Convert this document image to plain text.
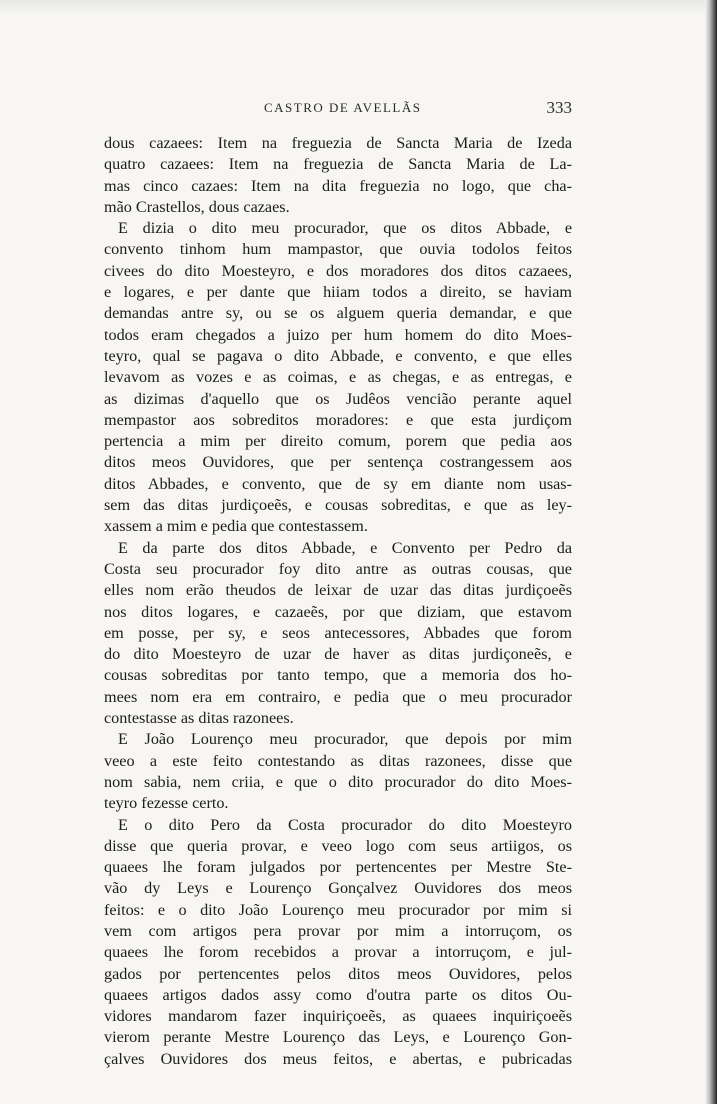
CASTRO DE AVELLÃS	333
dous cazaees: Item na freguezia de Sancta Maria de Izeda
quatro cazaees: Item na freguezia de Sancta Maria de La-
mas cinco cazaes: Item na dita freguezia no logo, que cha-
mão Crastellos, dous cazaes.
E dizia o dito meu procurador, que os ditos Abbade, e
convento tinhom hum mampastor, que ouvia todolos feitos
civees do dito Moesteyro, e dos moradores dos ditos cazaees,
e logares, e per dante que hiiam todos a direito, se haviam
demandas antre sy, ou se os alguem queria demandar, e que
todos eram chegados a juizo per hum homem do dito Moes-
teyro, qual se pagava o dito Abbade, e convento, e que elles
levavom as vozes e as coimas, e as chegas, e as entregas, e
as dizimas d'aquello que os Judêos vencião perante aquel
mempastor aos sobreditos moradores: e que esta jurdiçom
pertencia a mim per direito comum, porem que pedia aos
ditos meos Ouvidores, que per sentença costrangessem aos
ditos Abbades, e convento, que de sy em diante nom usas-
sem das ditas jurdiçoeẽs, e cousas sobreditas, e que as ley-
xassem a mim e pedia que contestassem.
E da parte dos ditos Abbade, e Convento per Pedro da
Costa seu procurador foy dito antre as outras cousas, que
elles nom erão theudos de leixar de uzar das ditas jurdiçoeẽs
nos ditos logares, e cazaeẽs, por que diziam, que estavom
em posse, per sy, e seos antecessores, Abbades que forom
do dito Moesteyro de uzar de haver as ditas jurdiçoneẽs, e
cousas sobreditas por tanto tempo, que a memoria dos ho-
mees nom era em contrairo, e pedia que o meu procurador
contestasse as ditas razonees.
E João Lourenço meu procurador, que depois por mim
veeo a este feito contestando as ditas razonees, disse que
nom sabia, nem criia, e que o dito procurador do dito Moes-
teyro fezesse certo.
E o dito Pero da Costa procurador do dito Moesteyro
disse que queria provar, e veeo logo com seus artiigos, os
quaees lhe foram julgados por pertencentes per Mestre Ste-
vão dy Leys e Lourenço Gonçalvez Ouvidores dos meos
feitos: e o dito João Lourenço meu procurador por mim si
vem com artigos pera provar por mim a intorruçom, os
quaees lhe forom recebidos a provar a intorruçom, e jul-
gados por pertencentes pelos ditos meos Ouvidores, pelos
quaees artigos dados assy como d'outra parte os ditos Ou-
vidores mandarom fazer inquiriçoeẽs, as quaees inquiriçoeẽs
vierom perante Mestre Lourenço das Leys, e Lourenço Gon-
çalves Ouvidores dos meus feitos, e abertas, e pubricadas
